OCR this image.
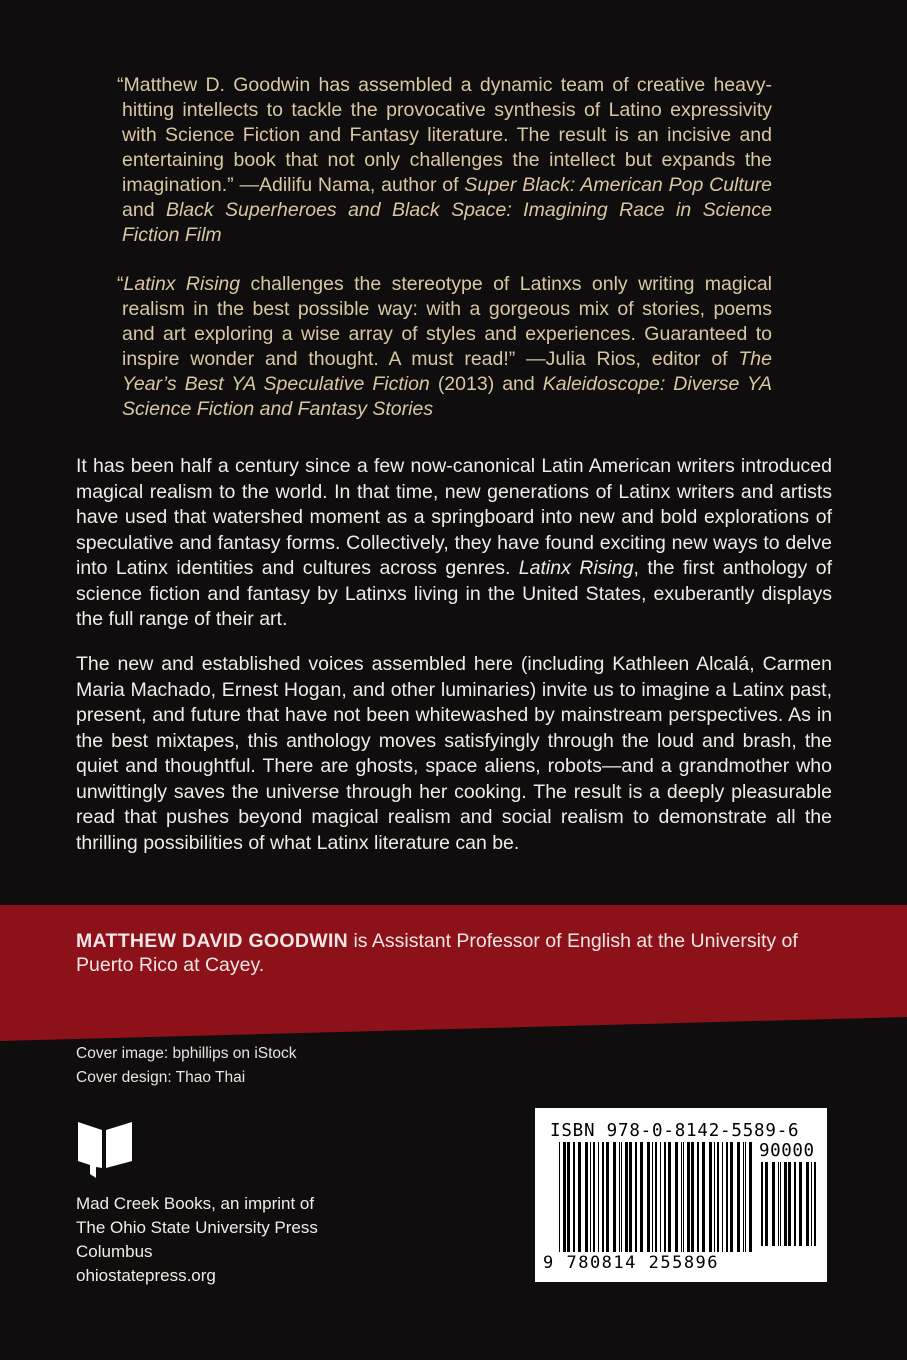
“Matthew D. Goodwin has assembled a dynamic team of creative heavy-hitting intellects to tackle the provocative synthesis of Latino expressivity with Science Fiction and Fantasy literature. The result is an incisive and entertaining book that not only challenges the intellect but expands the imagination.” —Adilifu Nama, author of Super Black: American Pop Culture and Black Superheroes and Black Space: Imagining Race in Science Fiction Film
“Latinx Rising challenges the stereotype of Latinxs only writing magical realism in the best possible way: with a gorgeous mix of stories, poems and art exploring a wise array of styles and experiences. Guaranteed to inspire wonder and thought. A must read!” —Julia Rios, editor of The Year’s Best YA Speculative Fiction (2013) and Kaleidoscope: Diverse YA Science Fiction and Fantasy Stories
It has been half a century since a few now-canonical Latin American writers introduced magical realism to the world. In that time, new generations of Latinx writers and artists have used that watershed moment as a springboard into new and bold explorations of speculative and fantasy forms. Collectively, they have found exciting new ways to delve into Latinx identities and cultures across genres. Latinx Rising, the first anthology of science fiction and fantasy by Latinxs living in the United States, exuberantly displays the full range of their art.
The new and established voices assembled here (including Kathleen Alcalá, Carmen Maria Machado, Ernest Hogan, and other luminaries) invite us to imagine a Latinx past, present, and future that have not been whitewashed by mainstream perspectives. As in the best mixtapes, this anthology moves satisfyingly through the loud and brash, the quiet and thoughtful. There are ghosts, space aliens, robots—and a grandmother who unwittingly saves the universe through her cooking. The result is a deeply pleasurable read that pushes beyond magical realism and social realism to demonstrate all the thrilling possibilities of what Latinx literature can be.
MATTHEW DAVID GOODWIN is Assistant Professor of English at the University of Puerto Rico at Cayey.
Cover image: bphillips on iStock
Cover design: Thao Thai
Mad Creek Books, an imprint of
The Ohio State University Press
Columbus
ohiostatepress.org
ISBN 978-0-8142-5589-6
90000
9 780814 255896
